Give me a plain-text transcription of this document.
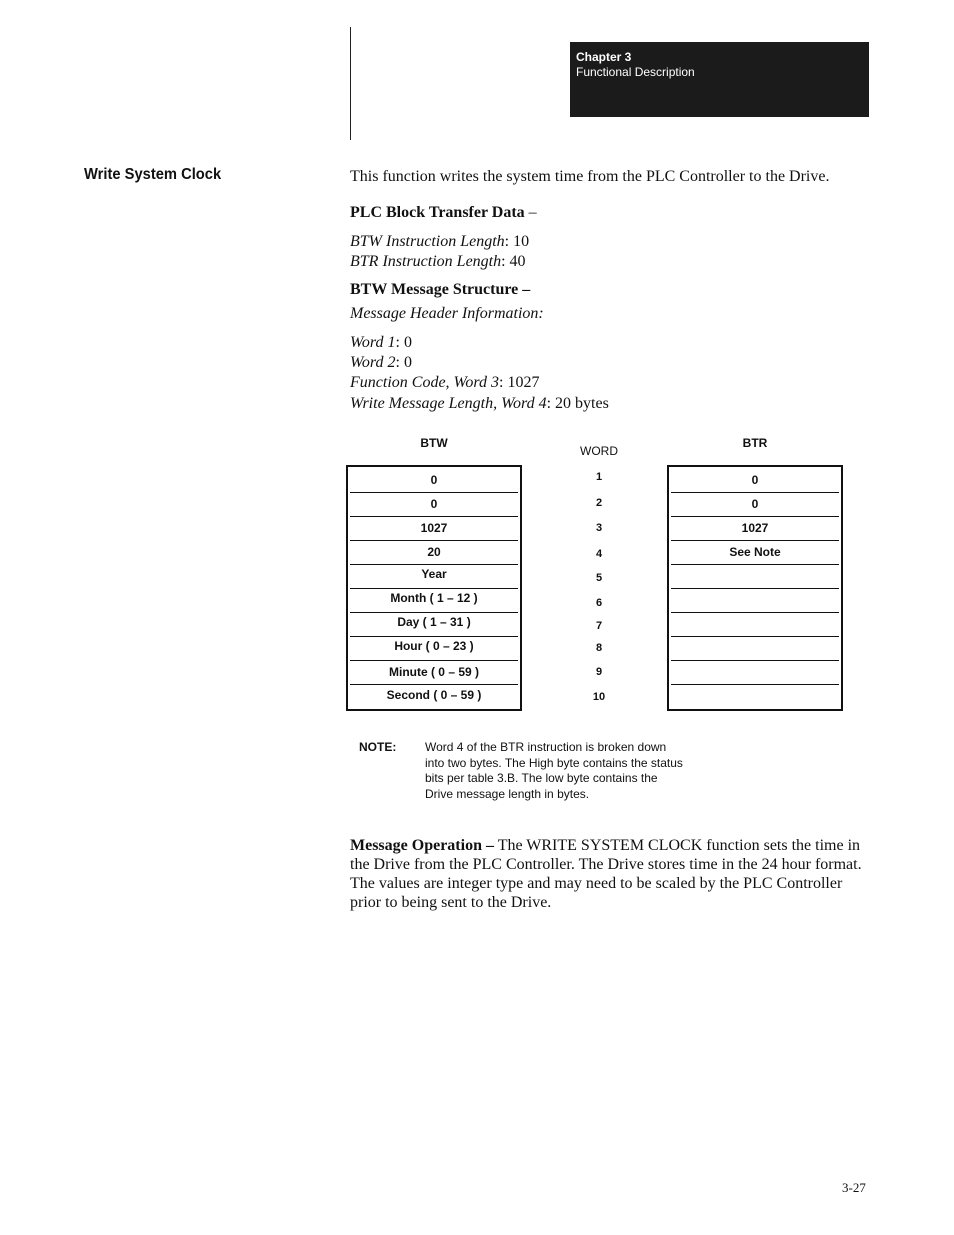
Chapter 3
Functional Description
Write System Clock	This function writes the system time from the PLC Controller to the Drive.
PLC Block Transfer Data –
BTW Instruction Length: 10
BTR Instruction Length: 40
BTW Message Structure –
Message Header Information:
Word 1: 0
Word 2: 0
Function Code, Word 3: 1027
Write Message Length, Word 4: 20 bytes
BTW
WORD
BTR
0
0
1027
20
Year
Month ( 1 – 12 )
Day ( 1 – 31 )
Hour ( 0 – 23 )
Minute ( 0 – 59 )
Second ( 0 – 59 )
1
2
3
4
5
6
7
8
9
10
0
0
1027
See Note
NOTE: Word 4 of the BTR instruction is broken down into two bytes. The High byte contains the status bits per table 3.B. The low byte contains the Drive message length in bytes.
Message Operation – The WRITE SYSTEM CLOCK function sets the time in the Drive from the PLC Controller. The Drive stores time in the 24 hour format. The values are integer type and may need to be scaled by the PLC Controller prior to being sent to the Drive.
3-27
